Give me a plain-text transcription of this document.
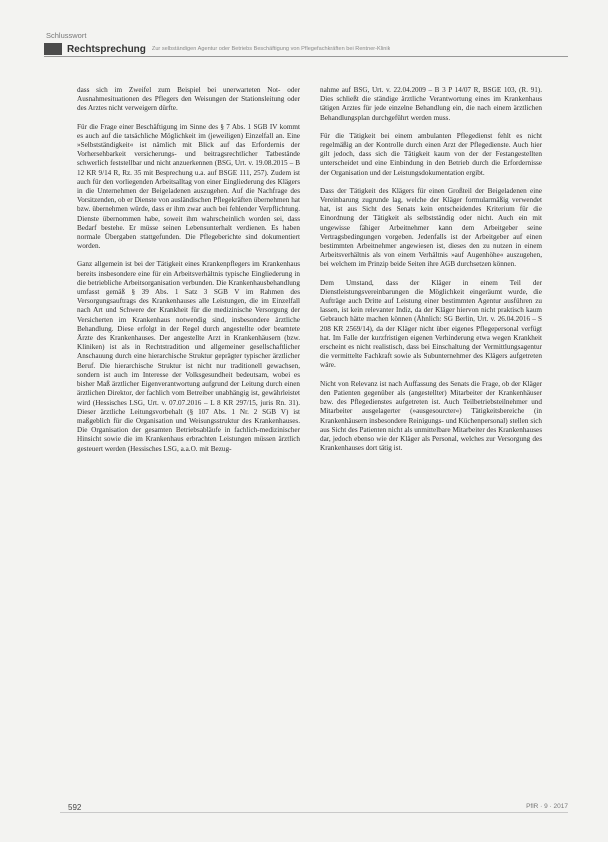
Schlusswort
Rechtsprechung Zur selbständigen Agentur oder Betriebs Beschäftigung von Pflegefachkräften bei Rentner-Klinik

dass sich im Zweifel zum Beispiel bei unerwarteten Not- oder Ausnahmesituationen des Pflegers den Weisungen der Stationsleitung oder des Arztes nicht verweigern dürfte.

Für die Frage einer Beschäftigung im Sinne des § 7 Abs. 1 SGB IV kommt es auch auf die tatsächliche Möglichkeit im (jeweiligen) Einzelfall an. Eine »Selbstständigkeit« ist nämlich mit Blick auf das Erfordernis der Vorhersehbarkeit versicherungs- und beitragsrechtlicher Tatbestände schwerlich feststellbar und nicht anzuerkennen (BSG, Urt. v. 19.08.2015 – B 12 KR 9/14 R, Rz. 35 mit Besprechung u.a. auf BSGE 111, 257). Zudem ist auch für den vorliegenden Arbeitsalltag von einer Eingliederung des Klägers in die Unternehmen der Beigeladenen auszugehen. Auf die Nachfrage des Vorsitzenden, ob er Dienste von ausländischen Pflegekräften übernehmen hat bzw. übernehmen würde, dass er ihm zwar auch bei fehlender Verpflichtung. Dienste übernommen habe, soweit ihm wahrscheinlich worden sei, dass Bedarf bestehe. Er müsse seinen Lebensunterhalt verdienen. Es haben normale Übergaben stattgefunden. Die Pflegeberichte sind dokumentiert worden.

Ganz allgemein ist bei der Tätigkeit eines Krankenpflegers im Krankenhaus bereits insbesondere eine für ein Arbeitsverhältnis typische Eingliederung in die betriebliche Arbeitsorganisation verbunden. Die Krankenhausbehandlung umfasst gemäß § 39 Abs. 1 Satz 3 SGB V im Rahmen des Versorgungsauftrags des Krankenhauses alle Leistungen, die im Einzelfall nach Art und Schwere der Krankheit für die medizinische Versorgung der Versicherten im Krankenhaus notwendig sind, insbesondere ärztliche Behandlung. Diese erfolgt in der Regel durch angestellte oder beamtete Ärzte des Krankenhauses. Der angestellte Arzt in Krankenhäusern (bzw. Kliniken) ist als in Rechtstradition und allgemeiner gesellschaftlicher Anschauung durch eine hierarchische Struktur geprägter typischer ärztlicher Beruf. Die hierarchische Struktur ist nicht nur traditionell gewachsen, sondern ist auch im Interesse der Volksgesundheit bedeutsam, wobei es bisher Maß ärztlicher Eigenverantwortung aufgrund der Leitung durch einen ärztlichen Direktor, der fachlich vom Betreiber unabhängig ist, gewährleistet wird (Hessisches LSG, Urt. v. 07.07.2016 – L 8 KR 297/15, juris Rn. 31). Dieser ärztliche Leitungsvorbehalt (§ 107 Abs. 1 Nr. 2 SGB V) ist maßgeblich für die Organisation und Weisungsstruktur des Krankenhauses. Die Organisation der gesamten Betriebsabläufe in fachlich-medizinischer Hinsicht sowie die im Krankenhaus erbrachten Leistungen müssen ärztlich gesteuert werden (Hessisches LSG, a.a.O. mit Bezug-

nahme auf BSG, Urt. v. 22.04.2009 – B 3 P 14/07 R, BSGE 103, (R. 91). Dies schließt die ständige ärztliche Verantwortung eines im Krankenhaus tätigen Arztes für jede einzelne Behandlung ein, die nach einem ärztlichen Behandlungsplan durchgeführt werden muss.

Für die Tätigkeit bei einem ambulanten Pflegedienst fehlt es nicht regelmäßig an der Kontrolle durch einen Arzt der Pflegedienste. Auch hier gilt jedoch, dass sich die Tätigkeit kaum von der der Festangestellten unterscheidet und eine Einbindung in den Betrieb durch die Erfordernisse der Organisation und der Leistungsdokumentation ergibt.

Dass der Tätigkeit des Klägers für einen Großteil der Beigeladenen eine Vereinbarung zugrunde lag, welche der Kläger formularmäßig verwendet hat, ist aus Sicht des Senats kein entscheidendes Kriterium für die Einordnung der Tätigkeit als selbstständig oder nicht. Auch ein mit ungewisse fähiger Arbeitnehmer kann dem Arbeitgeber seine Vertragsbedingungen vorgeben. Jedenfalls ist der Arbeitgeber auf einen bestimmten Arbeitnehmer angewiesen ist, dieses den zu nutzen in einem Arbeitsverhältnis als von einem Verhältnis »auf Augenhöhe« auszugehen, bei welchem im Prinzip beide Seiten ihre AGB durchsetzen können.

Dem Umstand, dass der Kläger in einem Teil der Dienstleistungsvereinbarungen die Möglichkeit eingeräumt wurde, die Aufträge auch Dritte auf Leistung einer bestimmten Agentur ausführen zu lassen, ist kein relevanter Indiz, da der Kläger hiervon nicht praktisch kaum Gebrauch hätte machen können (Ähnlich: SG Berlin, Urt. v. 26.04.2016 – S 208 KR 2569/14), da der Kläger nicht über eigenes Pflegepersonal verfügt hat. Im Falle der kurzfristigen eigenen Verhinderung etwa wegen Krankheit erscheint es nicht realistisch, dass bei Einschaltung der Vermittlungsagentur die vermittelte Fachkraft sowie als Subunternehmer des Klägers aufgetreten wäre.

Nicht von Relevanz ist nach Auffassung des Senats die Frage, ob der Kläger den Patienten gegenüber als (angestellter) Mitarbeiter der Krankenhäuser bzw. des Pflegedienstes aufgetreten ist. Auch Teilbetriebsteilnehmer und Mitarbeiter ausgelagerter (»ausgesourcter«) Tätigkeitsbereiche (in Krankenhäusern insbesondere Reinigungs- und Küchenpersonal) stellen sich aus Sicht des Patienten nicht als unmittelbare Mitarbeiter des Krankenhauses dar, jedoch ebenso wie der Kläger als Personal, welches zur Versorgung des Krankenhauses dort tätig ist.

592	PflR · 9 · 2017
